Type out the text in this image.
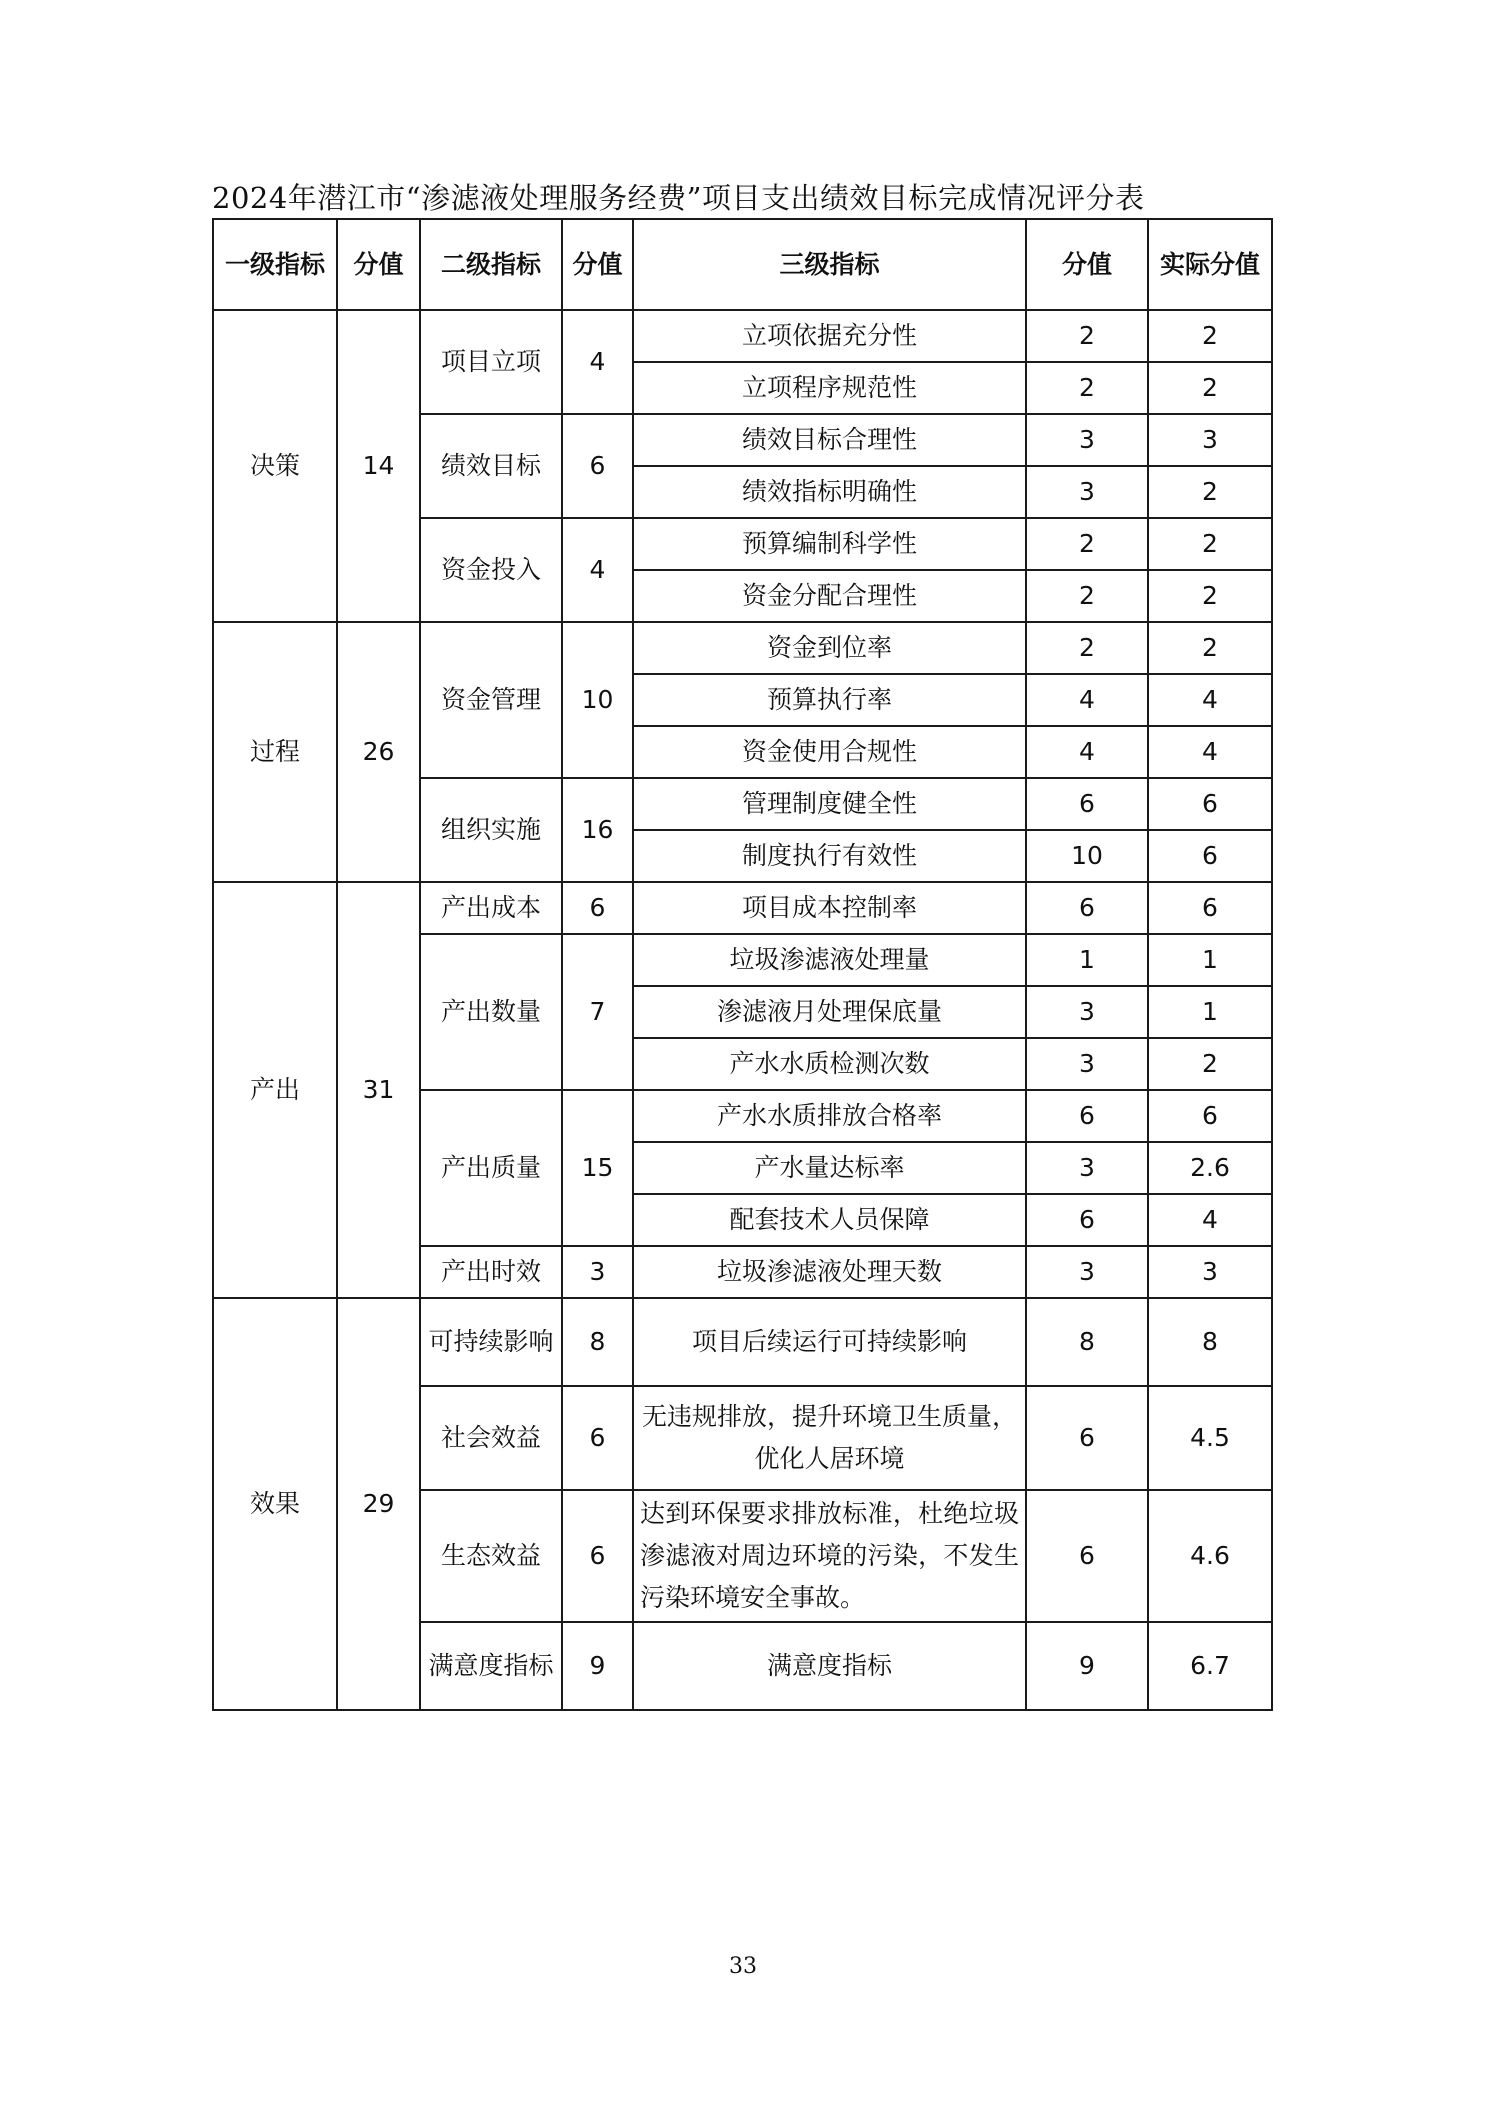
2024年潜江市“渗滤液处理服务经费”项目支出绩效目标完成情况评分表
一级指标	分值	二级指标	分值	三级指标	分值	实际分值
决策	14	项目立项	4	立项依据充分性	2	2
				立项程序规范性	2	2
		绩效目标	6	绩效目标合理性	3	3
				绩效指标明确性	3	2
		资金投入	4	预算编制科学性	2	2
				资金分配合理性	2	2
过程	26	资金管理	10	资金到位率	2	2
				预算执行率	4	4
				资金使用合规性	4	4
		组织实施	16	管理制度健全性	6	6
				制度执行有效性	10	6
产出	31	产出成本	6	项目成本控制率	6	6
		产出数量	7	垃圾渗滤液处理量	1	1
				渗滤液月处理保底量	3	1
				产水水质检测次数	3	2
		产出质量	15	产水水质排放合格率	6	6
				产水量达标率	3	2.6
				配套技术人员保障	6	4
		产出时效	3	垃圾渗滤液处理天数	3	3
效果	29	可持续影响	8	项目后续运行可持续影响	8	8
		社会效益	6	无违规排放，提升环境卫生质量，优化人居环境	6	4.5
		生态效益	6	达到环保要求排放标准，杜绝垃圾渗滤液对周边环境的污染，不发生污染环境安全事故。	6	4.6
		满意度指标	9	满意度指标	9	6.7
33
